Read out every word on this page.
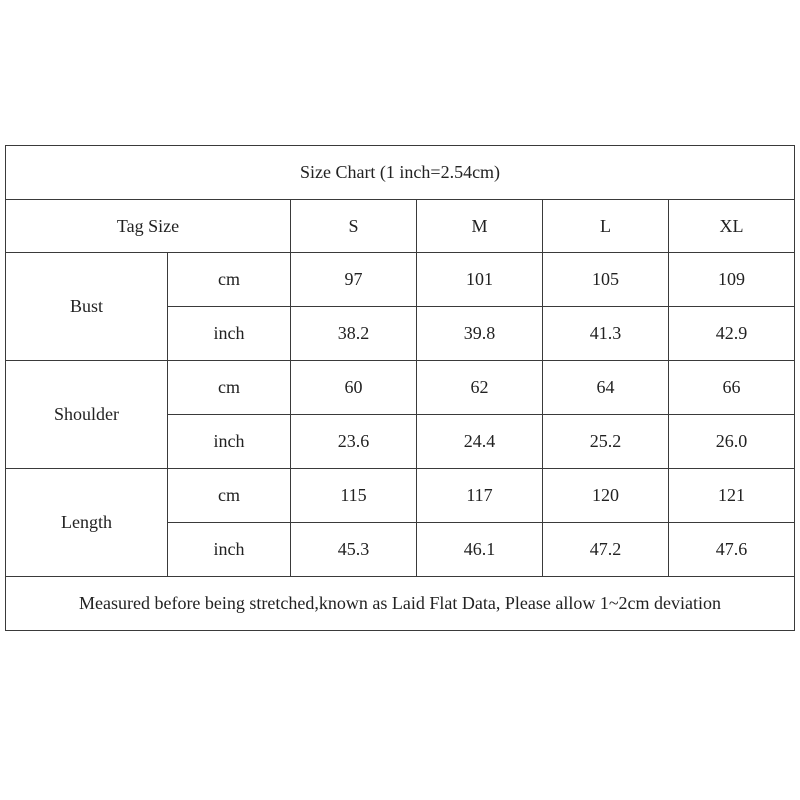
Size Chart (1 inch=2.54cm)					
Tag Size		S	M	L	XL
Bust	cm	97	101	105	109
	inch	38.2	39.8	41.3	42.9
Shoulder	cm	60	62	64	66
	inch	23.6	24.4	25.2	26.0
Length	cm	115	117	120	121
	inch	45.3	46.1	47.2	47.6
Measured before being stretched,known as Laid Flat Data, Please allow 1~2cm deviation					
